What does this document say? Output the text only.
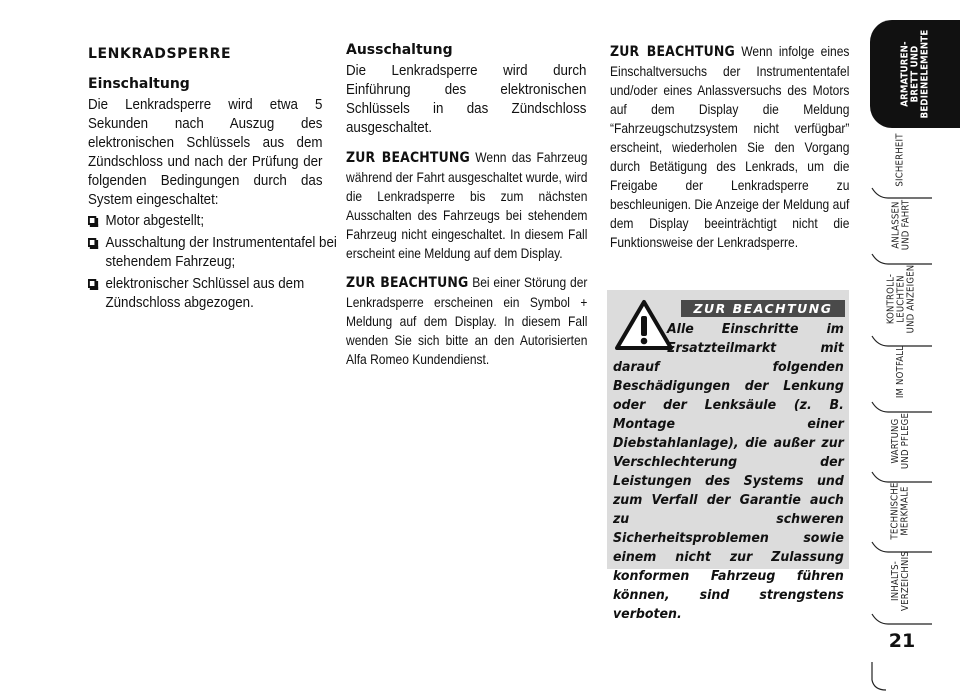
LENKRADSPERRE
Einschaltung

Die Lenkradsperre wird etwa 5 Sekunden nach Auszug des elektronischen Schlüssels aus dem Zündschloss und nach der Prüfung der folgenden Bedingungen durch das System eingeschaltet:

Motor abgestellt;
Ausschaltung der Instrumententafel bei stehendem Fahrzeug;
elektronischer Schlüssel aus dem Zündschloss abgezogen.
Ausschaltung

Die Lenkradsperre wird durch Einführung des elektronischen Schlüssels in das Zündschloss ausgeschaltet.

ZUR BEACHTUNG Wenn das Fahrzeug während der Fahrt ausgeschaltet wurde, wird die Lenkradsperre bis zum nächsten Ausschalten des Fahrzeugs bei stehendem Fahrzeug nicht eingeschaltet. In diesem Fall erscheint eine Meldung auf dem Display.

ZUR BEACHTUNG Bei einer Störung der Lenkradsperre erscheinen ein Symbol + Meldung auf dem Display. In diesem Fall wenden Sie sich bitte an den Autorisierten Alfa Romeo Kundendienst.

ZUR BEACHTUNG Wenn infolge eines Einschaltversuchs der Instrumententafel und/oder eines Anlassversuchs des Motors auf dem Display die Meldung “Fahrzeugschutzsystem nicht verfügbar” erscheint, wiederholen Sie den Vorgang durch Betätigung des Lenkrads, um die Freigabe der Lenkradsperre zu beschleunigen. Die Anzeige der Meldung auf dem Display beeinträchtigt nicht die Funktionsweise der Lenkradsperre.

ZUR BEACHTUNG
Alle Einschritte im Ersatzteilmarkt mit darauf folgenden Beschädigungen der Lenkung oder der Lenksäule (z. B. Montage einer Diebstahlanlage), die außer zur Verschlechterung der Leistungen des Systems und zum Verfall der Garantie auch zu schweren Sicherheitsproblemen sowie einem nicht zur Zulassung konformen Fahrzeug führen können, sind strengstens verboten.
ARMATUREN-
BRETT UND
BEDIENELEMENTE
SICHERHEIT
ANLASSEN
UND FAHRT
KONTROLL-
LEUCHTEN
UND ANZEIGEN
IM NOTFALL
WARTUNG
UND PFLEGE
TECHNISCHE
MERKMALE
INHALTS-
VERZEICHNIS
21
